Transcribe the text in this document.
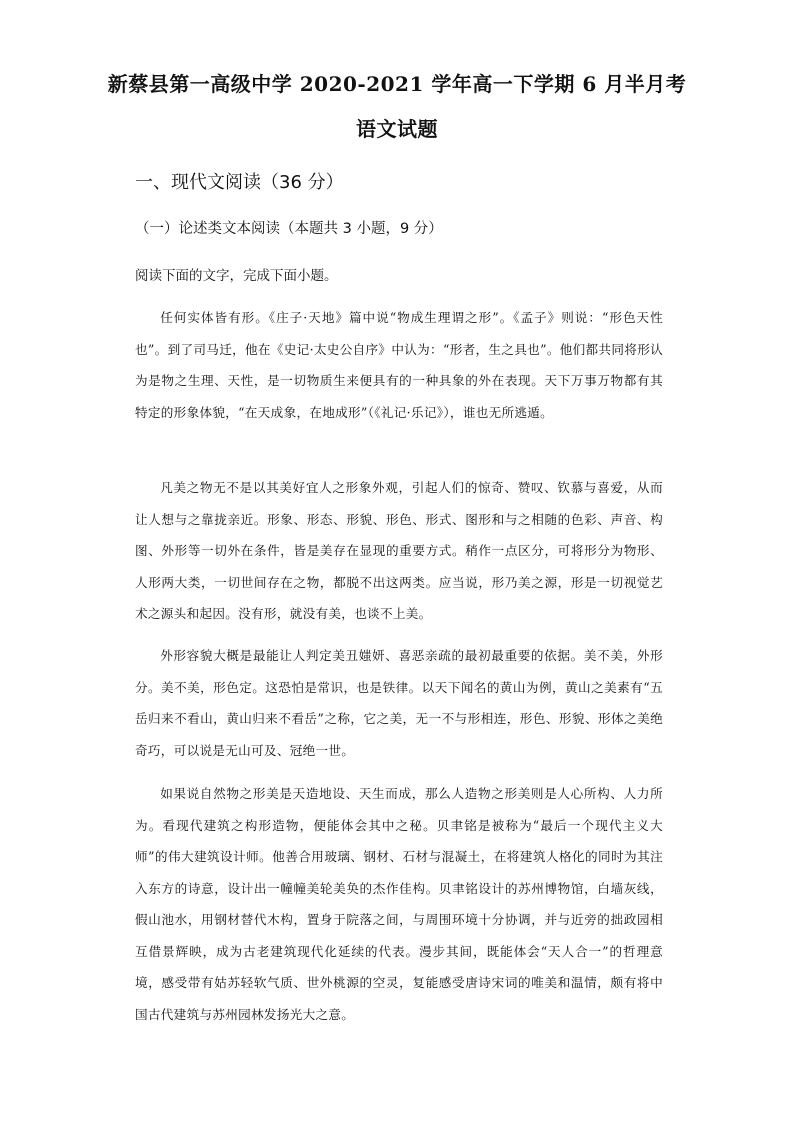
新蔡县第一高级中学 2020-2021 学年高一下学期 6 月半月考
语文试题
一、现代文阅读（36 分）
（一）论述类文本阅读（本题共 3 小题，9 分）
阅读下面的文字，完成下面小题。

任何实体皆有形。《庄子·天地》篇中说“物成生理谓之形”。《孟子》则说：“形色天性也”。到了司马迁，他在《史记·太史公自序》中认为：“形者，生之具也”。他们都共同将形认为是物之生理、天性，是一切物质生来便具有的一种具象的外在表现。天下万事万物都有其特定的形象体貌，“在天成象，在地成形”（《礼记·乐记》），谁也无所逃遁。

凡美之物无不是以其美好宜人之形象外观，引起人们的惊奇、赞叹、钦慕与喜爱，从而让人想与之靠拢亲近。形象、形态、形貌、形色、形式、图形和与之相随的色彩、声音、构图、外形等一切外在条件，皆是美存在显现的重要方式。稍作一点区分，可将形分为物形、人形两大类，一切世间存在之物，都脱不出这两类。应当说，形乃美之源，形是一切视觉艺术之源头和起因。没有形，就没有美，也谈不上美。

外形容貌大概是最能让人判定美丑媸妍、喜恶亲疏的最初最重要的依据。美不美，外形分。美不美，形色定。这恐怕是常识，也是铁律。以天下闻名的黄山为例，黄山之美素有“五岳归来不看山，黄山归来不看岳”之称，它之美，无一不与形相连，形色、形貌、形体之美绝奇巧，可以说是无山可及、冠绝一世。

如果说自然物之形美是天造地设、天生而成，那么人造物之形美则是人心所构、人力所为。看现代建筑之构形造物，便能体会其中之秘。贝聿铭是被称为“最后一个现代主义大师”的伟大建筑设计师。他善合用玻璃、钢材、石材与混凝土，在将建筑人格化的同时为其注入东方的诗意，设计出一幢幢美轮美奂的杰作佳构。贝聿铭设计的苏州博物馆，白墙灰线，假山池水，用钢材替代木构，置身于院落之间，与周围环境十分协调，并与近旁的拙政园相互借景辉映，成为古老建筑现代化延续的代表。漫步其间，既能体会“天人合一”的哲理意境，感受带有姑苏轻软气质、世外桃源的空灵，复能感受唐诗宋词的唯美和温情，颇有将中国古代建筑与苏州园林发扬光大之意。
